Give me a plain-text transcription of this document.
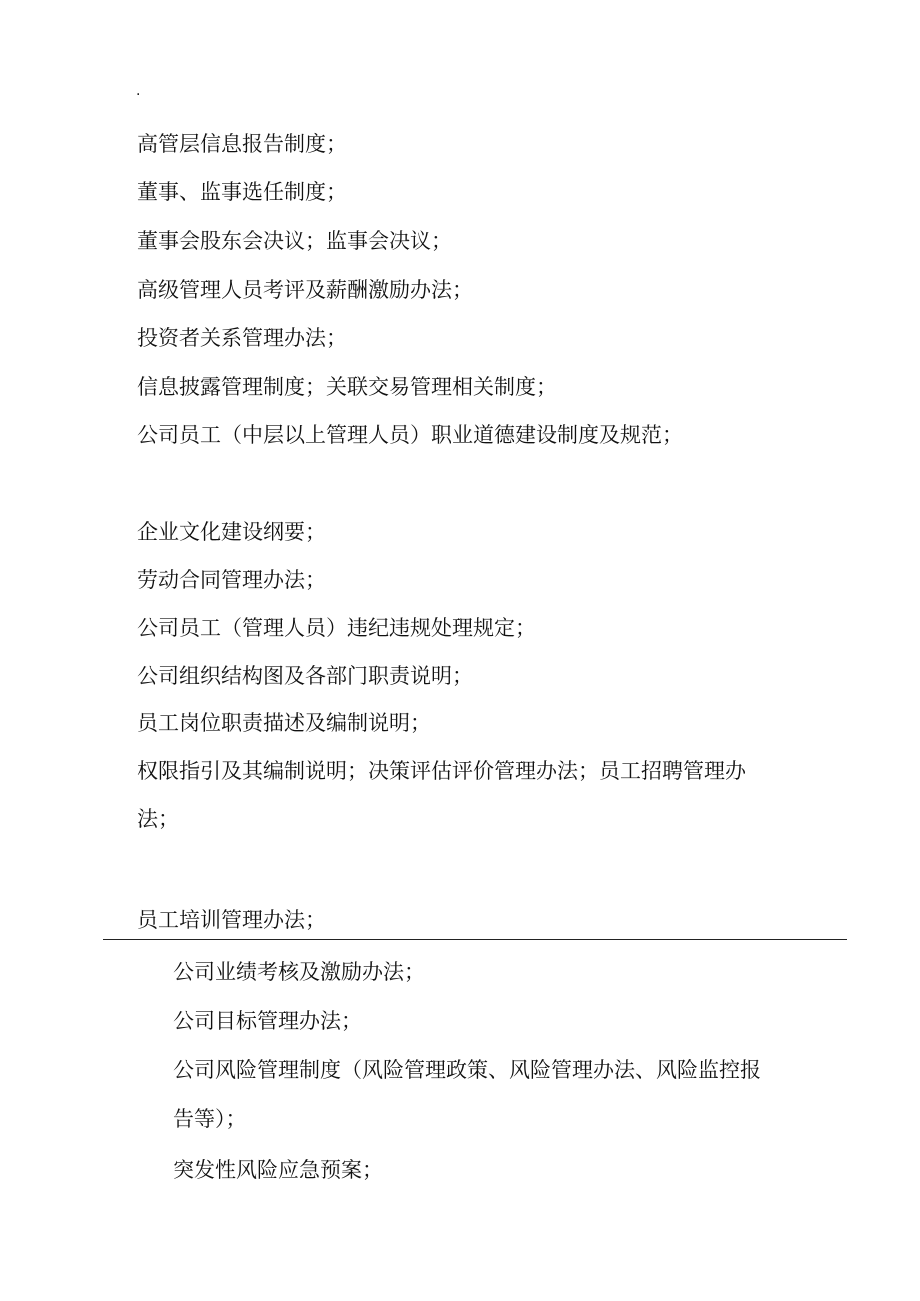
.
高管层信息报告制度；
董事、监事选任制度；
董事会股东会决议；监事会决议；
高级管理人员考评及薪酬激励办法；
投资者关系管理办法；
信息披露管理制度；关联交易管理相关制度；
公司员工（中层以上管理人员）职业道德建设制度及规范；
企业文化建设纲要；
劳动合同管理办法；
公司员工（管理人员）违纪违规处理规定；
公司组织结构图及各部门职责说明；
员工岗位职责描述及编制说明；
权限指引及其编制说明；决策评估评价管理办法；员工招聘管理办
法；
员工培训管理办法；
公司业绩考核及激励办法；
公司目标管理办法；
公司风险管理制度（风险管理政策、风险管理办法、风险监控报
告等）；
突发性风险应急预案；
